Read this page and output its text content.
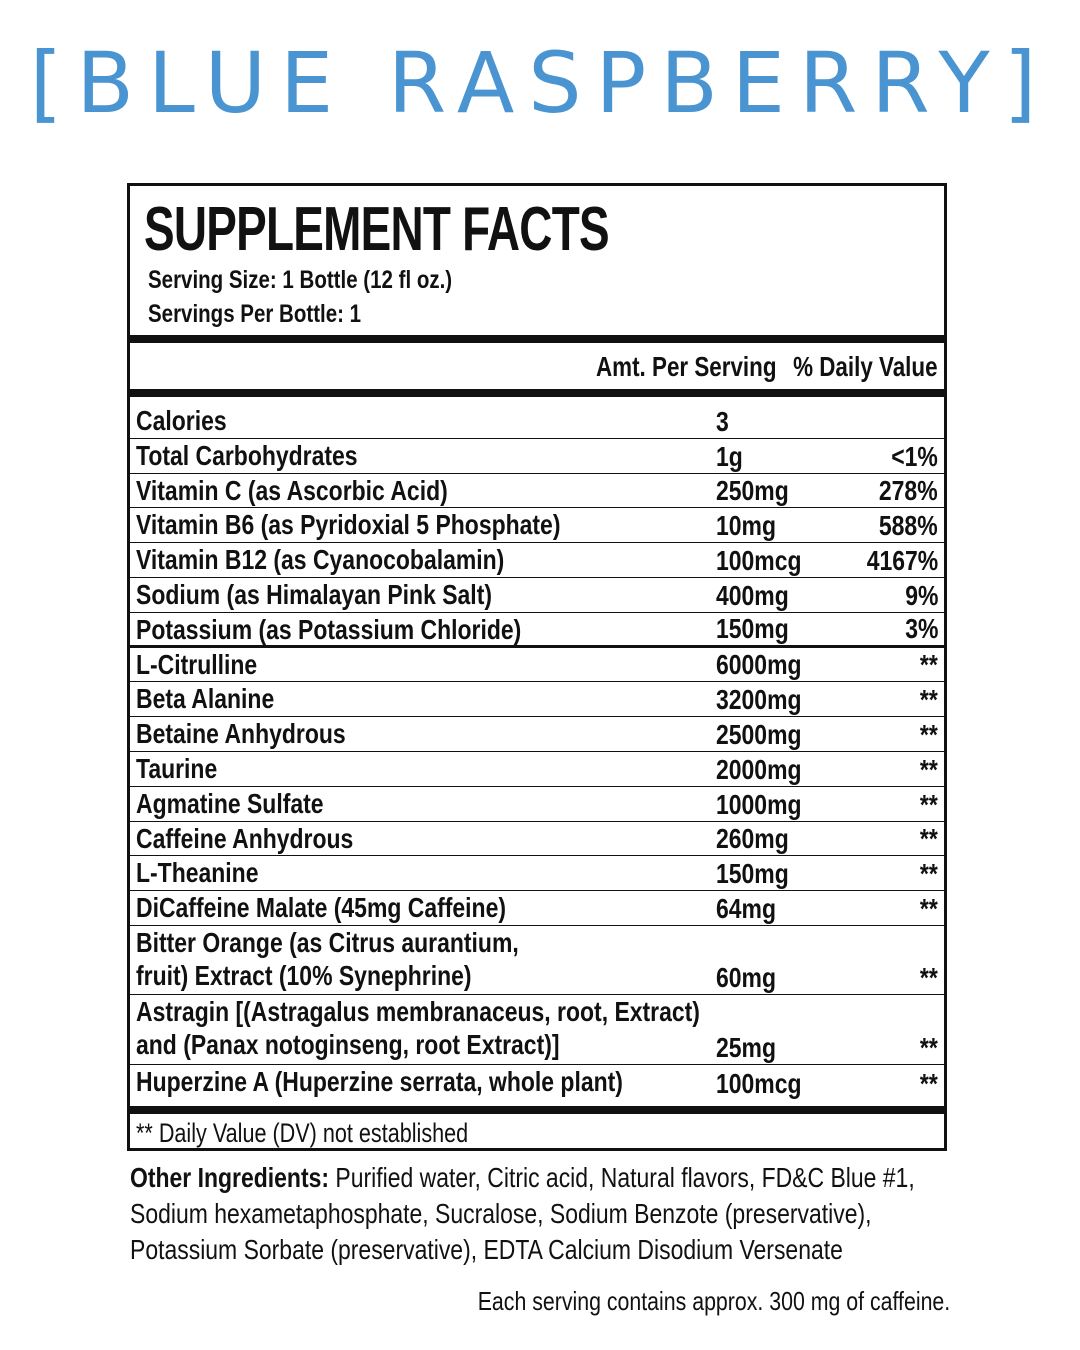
[BLUE RASPBERRY]
SUPPLEMENT FACTS
Serving Size: 1 Bottle (12 fl oz.)
Servings Per Bottle: 1
Amt. Per Serving % Daily Value
Calories	3
Total Carbohydrates	1g	<1%
Vitamin C (as Ascorbic Acid)	250mg	278%
Vitamin B6 (as Pyridoxial 5 Phosphate)	10mg	588%
Vitamin B12 (as Cyanocobalamin)	100mcg 4167%
Sodium (as Himalayan Pink Salt)	400mg	9%
Potassium (as Potassium Chloride)	150mg	3%
L-Citrulline	6000mg	**
Beta Alanine	3200mg	**
Betaine Anhydrous	2500mg	**
Taurine	2000mg	**
Agmatine Sulfate	1000mg	**
Caffeine Anhydrous	260mg	**
L-Theanine	150mg	**
DiCaffeine Malate (45mg Caffeine)	64mg	**
Bitter Orange (as Citrus aurantium,
fruit) Extract (10% Synephrine)	60mg	**
Astragin [(Astragalus membranaceus, root, Extract)
and (Panax notoginseng, root Extract)]	25mg	**
Huperzine A (Huperzine serrata, whole plant)	100mcg	**
** Daily Value (DV) not established
Other Ingredients: Purified water, Citric acid, Natural flavors, FD&C Blue #1, Sodium hexametaphosphate, Sucralose, Sodium Benzote (preservative), Potassium Sorbate (preservative), EDTA Calcium Disodium Versenate
Each serving contains approx. 300 mg of caffeine.
